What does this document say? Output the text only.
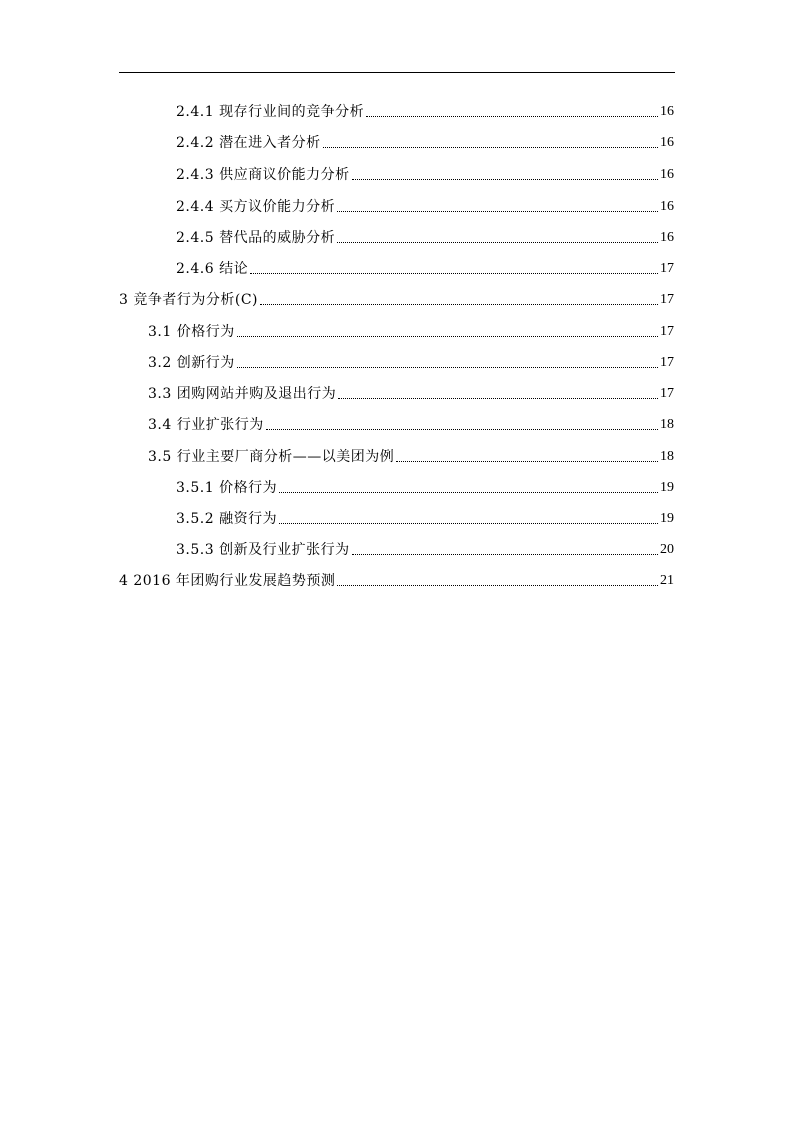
2.4.1 现存行业间的竞争分析	16
2.4.2 潜在进入者分析	16
2.4.3 供应商议价能力分析	16
2.4.4 买方议价能力分析	16
2.4.5 替代品的威胁分析	16
2.4.6 结论	17
3 竞争者行为分析(C)	17
3.1 价格行为	17
3.2 创新行为	17
3.3 团购网站并购及退出行为	17
3.4 行业扩张行为	18
3.5 行业主要厂商分析——以美团为例	18
3.5.1 价格行为	19
3.5.2 融资行为	19
3.5.3 创新及行业扩张行为	20
4 2016 年团购行业发展趋势预测	21
